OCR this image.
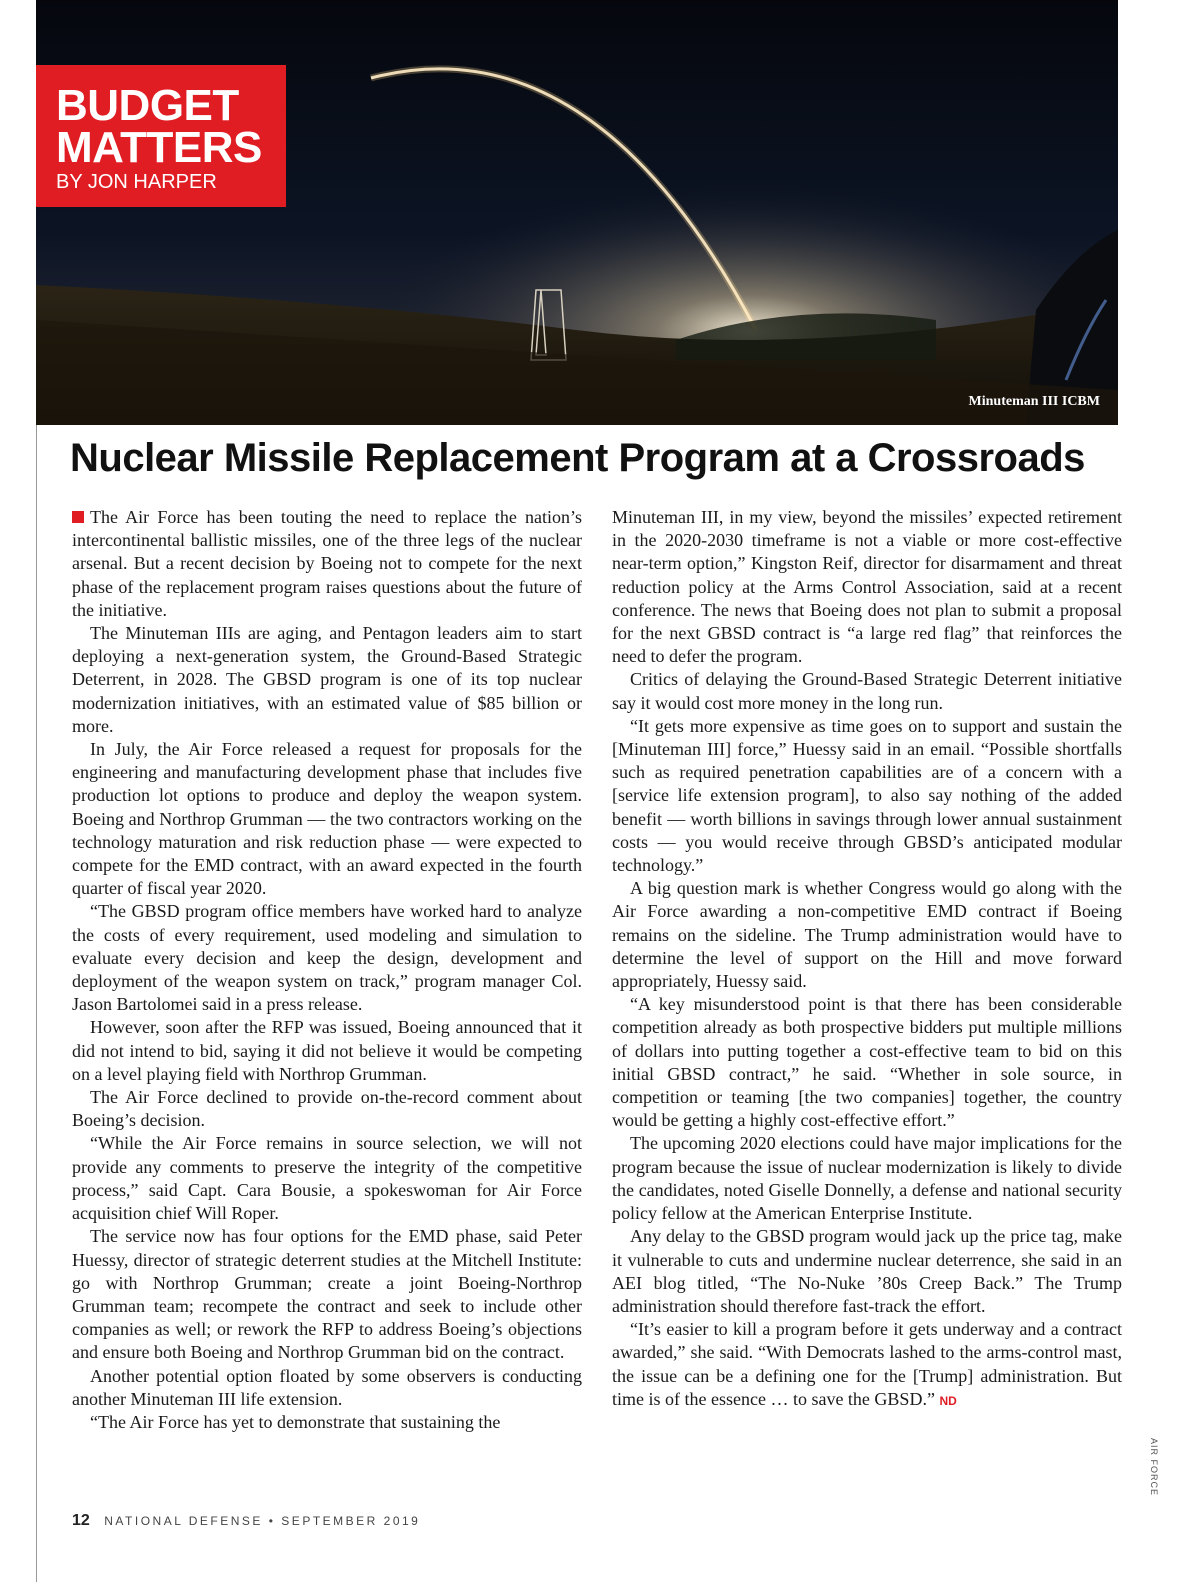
BUDGET
MATTERS
BY JON HARPER
Minuteman III ICBM
Nuclear Missile Replacement Program at a Crossroads

The Air Force has been touting the need to replace the nation’s intercontinental ballistic missiles, one of the three legs of the nuclear arsenal. But a recent decision by Boeing not to compete for the next phase of the replacement program raises questions about the future of the initiative.

The Minuteman IIIs are aging, and Pentagon leaders aim to start deploying a next-generation system, the Ground-Based Strategic Deterrent, in 2028. The GBSD program is one of its top nuclear modernization initiatives, with an estimated value of $85 billion or more.

In July, the Air Force released a request for proposals for the engineering and manufacturing development phase that includes five production lot options to produce and deploy the weapon system. Boeing and Northrop Grumman — the two contractors working on the technology maturation and risk reduction phase — were expected to compete for the EMD contract, with an award expected in the fourth quarter of fiscal year 2020.

“The GBSD program office members have worked hard to analyze the costs of every requirement, used modeling and simulation to evaluate every decision and keep the design, development and deployment of the weapon system on track,” program manager Col. Jason Bartolomei said in a press release.

However, soon after the RFP was issued, Boeing announced that it did not intend to bid, saying it did not believe it would be competing on a level playing field with Northrop Grumman.

The Air Force declined to provide on-the-record comment about Boeing’s decision.

“While the Air Force remains in source selection, we will not provide any comments to preserve the integrity of the competitive process,” said Capt. Cara Bousie, a spokeswoman for Air Force acquisition chief Will Roper.

The service now has four options for the EMD phase, said Peter Huessy, director of strategic deterrent studies at the Mitchell Institute: go with Northrop Grumman; create a joint Boeing-Northrop Grumman team; recompete the contract and seek to include other companies as well; or rework the RFP to address Boeing’s objections and ensure both Boeing and Northrop Grumman bid on the contract.

Another potential option floated by some observers is conducting another Minuteman III life extension.

“The Air Force has yet to demonstrate that sustaining the

Minuteman III, in my view, beyond the missiles’ expected retirement in the 2020-2030 timeframe is not a viable or more cost-effective near-term option,” Kingston Reif, director for disarmament and threat reduction policy at the Arms Control Association, said at a recent conference. The news that Boeing does not plan to submit a proposal for the next GBSD contract is “a large red flag” that reinforces the need to defer the program.

Critics of delaying the Ground-Based Strategic Deterrent initiative say it would cost more money in the long run.

“It gets more expensive as time goes on to support and sustain the [Minuteman III] force,” Huessy said in an email. “Possible shortfalls such as required penetration capabilities are of a concern with a [service life extension program], to also say nothing of the added benefit — worth billions in savings through lower annual sustainment costs — you would receive through GBSD’s anticipated modular technology.”

A big question mark is whether Congress would go along with the Air Force awarding a non-competitive EMD contract if Boeing remains on the sideline. The Trump administration would have to determine the level of support on the Hill and move forward appropriately, Huessy said.

“A key misunderstood point is that there has been considerable competition already as both prospective bidders put multiple millions of dollars into putting together a cost-effective team to bid on this initial GBSD contract,” he said. “Whether in sole source, in competition or teaming [the two companies] together, the country would be getting a highly cost-effective effort.”

The upcoming 2020 elections could have major implications for the program because the issue of nuclear modernization is likely to divide the candidates, noted Giselle Donnelly, a defense and national security policy fellow at the American Enterprise Institute.

Any delay to the GBSD program would jack up the price tag, make it vulnerable to cuts and undermine nuclear deterrence, she said in an AEI blog titled, “The No-Nuke ’80s Creep Back.” The Trump administration should therefore fast-track the effort.

“It’s easier to kill a program before it gets underway and a contract awarded,” she said. “With Democrats lashed to the arms-control mast, the issue can be a defining one for the [Trump] administration. But time is of the essence … to save the GBSD.” ND

12 NATIONAL DEFENSE • SEPTEMBER 2019
AIR FORCE
